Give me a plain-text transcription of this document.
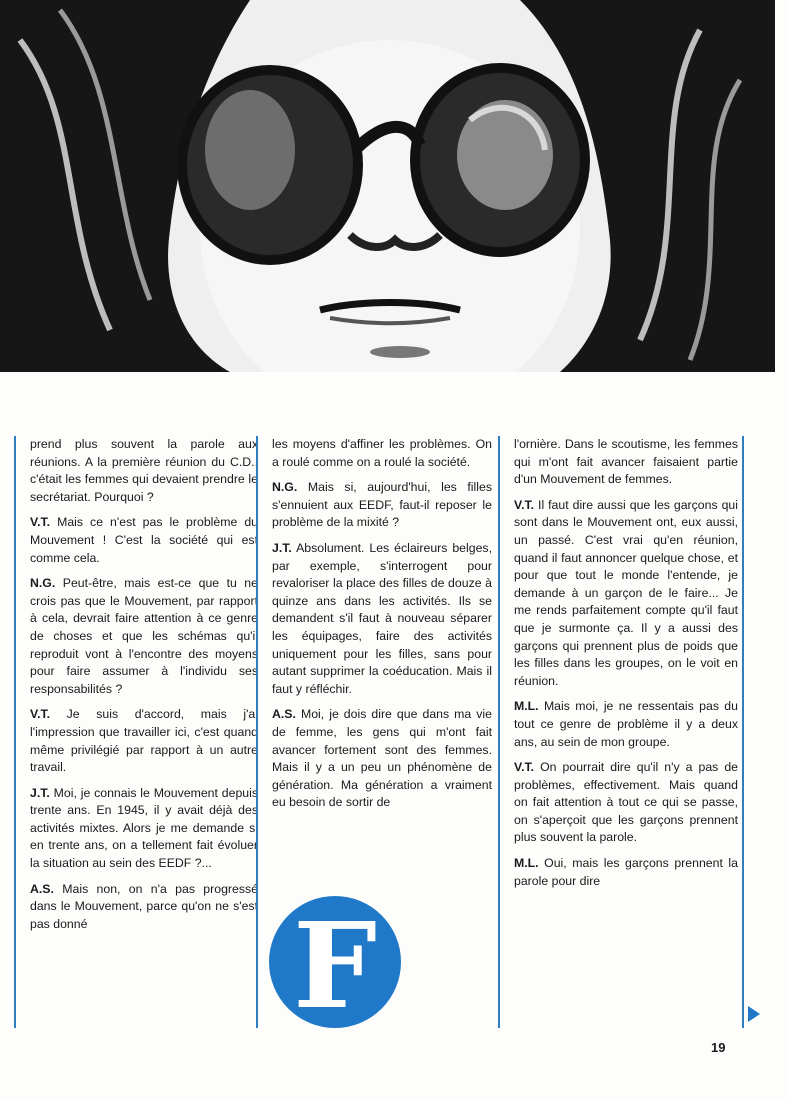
prend plus souvent la parole aux réunions. A la première réunion du C.D., c'était les femmes qui devaient prendre le secrétariat. Pourquoi ?

V.T. Mais ce n'est pas le problème du Mouvement ! C'est la société qui est comme cela.

N.G. Peut-être, mais est-ce que tu ne crois pas que le Mouvement, par rapport à cela, devrait faire attention à ce genre de choses et que les schémas qu'il reproduit vont à l'encontre des moyens pour faire assumer à l'individu ses responsabilités ?

V.T. Je suis d'accord, mais j'ai l'impression que travailler ici, c'est quand même privilégié par rapport à un autre travail.

J.T. Moi, je connais le Mouvement depuis trente ans. En 1945, il y avait déjà des activités mixtes. Alors je me demande si en trente ans, on a tellement fait évoluer la situation au sein des EEDF ?...

A.S. Mais non, on n'a pas progressé dans le Mouvement, parce qu'on ne s'est pas donné

les moyens d'affiner les problèmes. On a roulé comme on a roulé la société.

N.G. Mais si, aujourd'hui, les filles s'ennuient aux EEDF, faut-il reposer le problème de la mixité ?

J.T. Absolument. Les éclaireurs belges, par exemple, s'interrogent pour revaloriser la place des filles de douze à quinze ans dans les activités. Ils se demandent s'il faut à nouveau séparer les équipages, faire des activités uniquement pour les filles, sans pour autant supprimer la coéducation. Mais il faut y réfléchir.

A.S. Moi, je dois dire que dans ma vie de femme, les gens qui m'ont fait avancer fortement sont des femmes. Mais il y a un peu un phénomène de génération. Ma génération a vraiment eu besoin de sortir de

l'ornière. Dans le scoutisme, les femmes qui m'ont fait avancer faisaient partie d'un Mouvement de femmes.

V.T. Il faut dire aussi que les garçons qui sont dans le Mouvement ont, eux aussi, un passé. C'est vrai qu'en réunion, quand il faut annoncer quelque chose, et pour que tout le monde l'entende, je demande à un garçon de le faire... Je me rends parfaitement compte qu'il faut que je surmonte ça. Il y a aussi des garçons qui prennent plus de poids que les filles dans les groupes, on le voit en réunion.

M.L. Mais moi, je ne ressentais pas du tout ce genre de problème il y a deux ans, au sein de mon groupe.

V.T. On pourrait dire qu'il n'y a pas de problèmes, effectivement. Mais quand on fait attention à tout ce qui se passe, on s'aperçoit que les garçons prennent plus souvent la parole.

M.L. Oui, mais les garçons prennent la parole pour dire

F
19
